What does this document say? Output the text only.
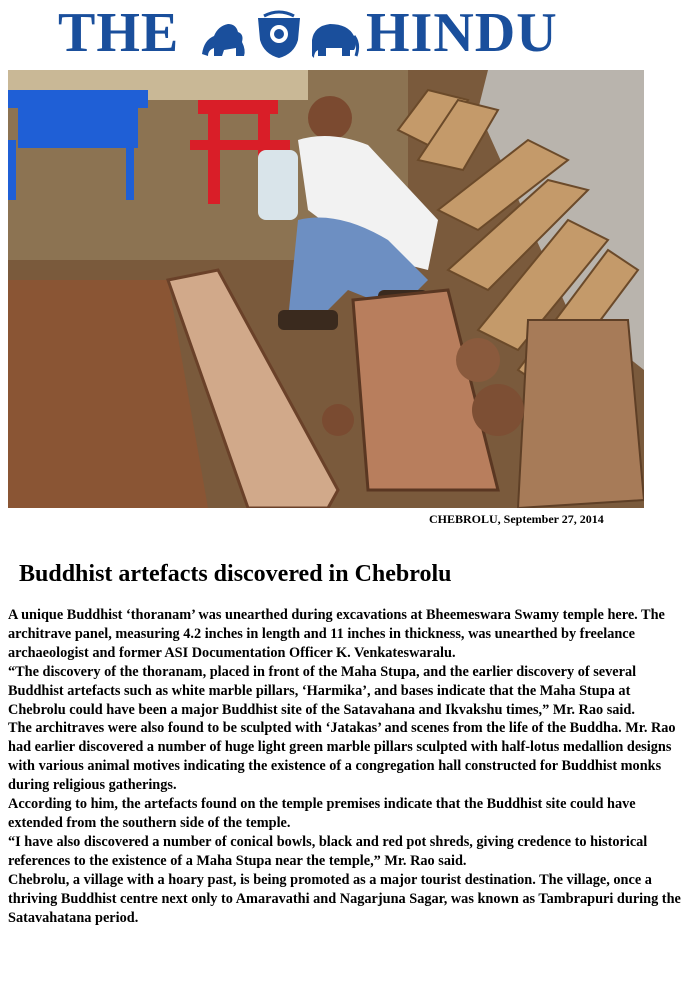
THE	HINDU
CHEBROLU, September 27, 2014
Buddhist artefacts discovered in Chebrolu

A unique Buddhist ‘thoranam’ was unearthed during excavations at Bheemeswara Swamy temple here. The architrave panel, measuring 4.2 inches in length and 11 inches in thickness, was unearthed by freelance archaeologist and former ASI Documentation Officer K. Venkateswaralu.

“The discovery of the thoranam, placed in front of the Maha Stupa, and the earlier discovery of several Buddhist artefacts such as white marble pillars, ‘Harmika’, and bases indicate that the Maha Stupa at Chebrolu could have been a major Buddhist site of the Satavahana and Ikvakshu times,” Mr. Rao said.

The architraves were also found to be sculpted with ‘Jatakas’ and scenes from the life of the Buddha. Mr. Rao had earlier discovered a number of huge light green marble pillars sculpted with half-lotus medallion designs with various animal motives indicating the existence of a congregation hall constructed for Buddhist monks during religious gatherings.

According to him, the artefacts found on the temple premises indicate that the Buddhist site could have extended from the southern side of the temple.

“I have also discovered a number of conical bowls, black and red pot shreds, giving credence to historical references to the existence of a Maha Stupa near the temple,” Mr. Rao said.

Chebrolu, a village with a hoary past, is being promoted as a major tourist destination. The village, once a thriving Buddhist centre next only to Amaravathi and Nagarjuna Sagar, was known as Tambrapuri during the Satavahatana period.
